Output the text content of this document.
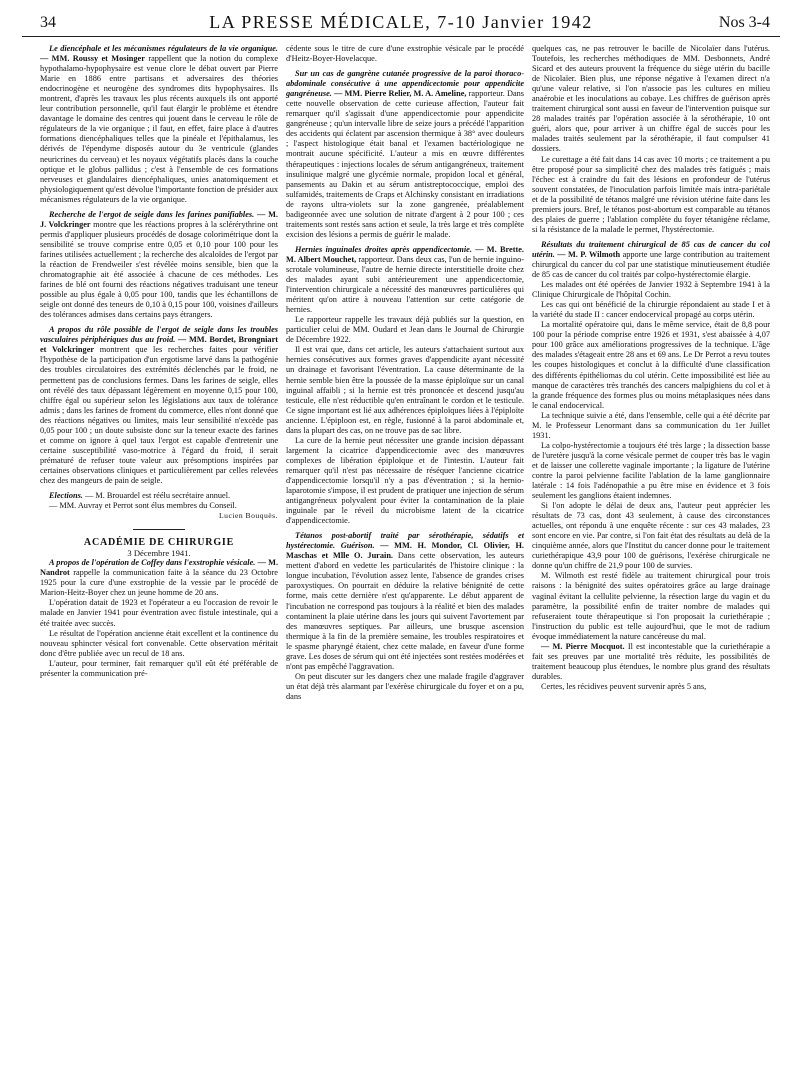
34	LA PRESSE MÉDICALE, 7-10 Janvier 1942	Nos 3-4

Le diencéphale et les mécanismes régulateurs de la vie organique. — MM. Roussy et Mosinger rappellent que la notion du complexe hypothalamo-hypophysaire est venue clore le débat ouvert par Pierre Marie en 1886 entre partisans et adversaires des théories endocrinogène et neurogène des syndromes dits hypophysaires. Ils montrent, d'après les travaux les plus récents auxquels ils ont apporté leur contribution personnelle, qu'il faut élargir le problème et étendre davantage le domaine des centres qui jouent dans le cerveau le rôle de régulateurs de la vie organique ; il faut, en effet, faire place à d'autres formations diencéphaliques telles que la pinéale et l'épithalamus, les dérivés de l'épendyme disposés autour du 3e ventricule (glandes neuricrines du cerveau) et les noyaux végétatifs placés dans la couche optique et le globus pallidus ; c'est à l'ensemble de ces formations nerveuses et glandulaires diencéphaliques, unies anatomiquement et physiologiquement qu'est dévolue l'importante fonction de présider aux mécanismes régulateurs de la vie organique.

Recherche de l'ergot de seigle dans les farines panifiables. — M. J. Volckringer montre que les réactions propres à la sclérérythrine ont permis d'appliquer plusieurs procédés de dosage colorimétrique dont la sensibilité se trouve comprise entre 0,05 et 0,10 pour 100 pour les farines utilisées actuellement ; la recherche des alcaloïdes de l'ergot par la réaction de Frendweiler s'est révélée moins sensible, bien que la chromatographie ait été associée à chacune de ces méthodes. Les farines de blé ont fourni des réactions négatives traduisant une teneur possible au plus égale à 0,05 pour 100, tandis que les échantillons de seigle ont donné des teneurs de 0,10 à 0,15 pour 100, voisines d'ailleurs des tolérances admises dans certains pays étrangers.

A propos du rôle possible de l'ergot de seigle dans les troubles vasculaires périphériques dus au froid. — MM. Bordet, Brongniart et Volckringer montrent que les recherches faites pour vérifier l'hypothèse de la participation d'un ergotisme larvé dans la pathogénie des troubles circulatoires des extrémités déclenchés par le froid, ne permettent pas de conclusions fermes. Dans les farines de seigle, elles ont révélé des taux dépassant légèrement en moyenne 0,15 pour 100, chiffre égal ou supérieur selon les législations aux taux de tolérance admis ; dans les farines de froment du commerce, elles n'ont donné que des réactions négatives ou limites, mais leur sensibilité n'excède pas 0,05 pour 100 ; un doute subsiste donc sur la teneur exacte des farines et comme on ignore à quel taux l'ergot est capable d'entretenir une certaine susceptibilité vaso-motrice à l'égard du froid, il serait prématuré de refuser toute valeur aux présomptions inspirées par certaines observations cliniques et particulièrement par celles relevées chez des mangeurs de pain de seigle.

Elections. — M. Brouardel est réélu secrétaire annuel.

— MM. Auvray et Perrot sont élus membres du Conseil.

Lucien Bouquès.

ACADÉMIE DE CHIRURGIE

3 Décembre 1941.

A propos de l'opération de Coffey dans l'exstrophie vésicale. — M. Nandrot rappelle la communication faite à la séance du 23 Octobre 1925 pour la cure d'une exstrophie de la vessie par le procédé de Marion-Heitz-Boyer chez un jeune homme de 20 ans.

L'opération datait de 1923 et l'opérateur a eu l'occasion de revoir le malade en Janvier 1941 pour éventration avec fistule intestinale, qui a été traitée avec succès.

Le résultat de l'opération ancienne était excellent et la continence du nouveau sphincter vésical fort convenable. Cette observation méritait donc d'être publiée avec un recul de 18 ans.

L'auteur, pour terminer, fait remarquer qu'il eût été préférable de présenter la communication pré-

cédente sous le titre de cure d'une exstrophie vésicale par le procédé d'Heitz-Boyer-Hovelacque.

Sur un cas de gangrène cutanée progressive de la paroi thoraco-abdominale consécutive à une appendicectomie pour appendicite gangréneuse. — MM. Pierre Relier, M. A. Ameline, rapporteur. Dans cette nouvelle observation de cette curieuse affection, l'auteur fait remarquer qu'il s'agissait d'une appendicectomie pour appendicite gangréneuse ; qu'un intervalle libre de seize jours a précédé l'apparition des accidents qui éclatent par ascension thermique à 38° avec douleurs ; l'aspect histologique était banal et l'examen bactériologique ne montrait aucune spécificité. L'auteur a mis en œuvre différentes thérapeutiques : injections locales de sérum antigangréneux, traitement insulinique malgré une glycémie normale, propidon local et général, pansements au Dakin et au sérum antistreptococcique, emploi des sulfamidés, traitements de Craps et Alchinsky consistant en irradiations de rayons ultra-violets sur la zone gangrenée, préalablement badigeonnée avec une solution de nitrate d'argent à 2 pour 100 ; ces traitements sont restés sans action et seule, la très large et très complète excision des lésions a permis de guérir le malade.

Hernies inguinales droites après appendicectomie. — M. Brette. M. Albert Mouchet, rapporteur. Dans deux cas, l'un de hernie inguino-scrotale volumineuse, l'autre de hernie directe interstitielle droite chez des malades ayant subi antérieurement une appendicectomie, l'intervention chirurgicale a nécessité des manœuvres particulières qui méritent qu'on attire à nouveau l'attention sur cette catégorie de hernies.

Le rapporteur rappelle les travaux déjà publiés sur la question, en particulier celui de MM. Oudard et Jean dans le Journal de Chirurgie de Décembre 1922.

Il est vrai que, dans cet article, les auteurs s'attachaient surtout aux hernies consécutives aux formes graves d'appendicite ayant nécessité un drainage et favorisant l'éventration. La cause déterminante de la hernie semble bien être la poussée de la masse épiploïque sur un canal inguinal affaibli ; si la hernie est très prononcée et descend jusqu'au testicule, elle n'est réductible qu'en entraînant le cordon et le testicule. Ce signe important est lié aux adhérences épiploïques liées à l'épiploïte ancienne. L'épiploon est, en règle, fusionné à la paroi abdominale et, dans la plupart des cas, on ne trouve pas de sac libre.

La cure de la hernie peut nécessiter une grande incision dépassant largement la cicatrice d'appendicectomie avec des manœuvres complexes de libération épiploïque et de l'intestin. L'auteur fait remarquer qu'il n'est pas nécessaire de réséquer l'ancienne cicatrice d'appendicectomie lorsqu'il n'y a pas d'éventration ; si la hernio-laparotomie s'impose, il est prudent de pratiquer une injection de sérum antigangréneux polyvalent pour éviter la contamination de la plaie inguinale par le réveil du microbisme latent de la cicatrice d'appendicectomie.

Tétanos post-abortif traité par sérothérapie, sédatifs et hystérectomie. Guérison. — MM. H. Mondor, Cl. Olivier, H. Maschas et Mlle O. Jurain. Dans cette observation, les auteurs mettent d'abord en vedette les particularités de l'histoire clinique : la longue incubation, l'évolution assez lente, l'absence de grandes crises paroxystiques. On pourrait en déduire la relative bénignité de cette forme, mais cette dernière n'est qu'apparente. Le début apparent de l'incubation ne correspond pas toujours à la réalité et bien des malades contaminent la plaie utérine dans les jours qui suivent l'avortement par des manœuvres septiques. Par ailleurs, une brusque ascension thermique à la fin de la première semaine, les troubles respiratoires et le spasme pharyngé étaient, chez cette malade, en faveur d'une forme grave. Les doses de sérum qui ont été injectées sont restées modérées et n'ont pas empêché l'aggravation.

On peut discuter sur les dangers chez une malade fragile d'aggraver un état déjà très alarmant par l'exérèse chirurgicale du foyer et on a pu, dans

quelques cas, ne pas retrouver le bacille de Nicolaïer dans l'utérus. Toutefois, les recherches méthodiques de MM. Desbonnets, André Sicard et des auteurs prouvent la fréquence du siège utérin du bacille de Nicolaïer. Bien plus, une réponse négative à l'examen direct n'a qu'une valeur relative, si l'on n'associe pas les cultures en milieu anaérobie et les inoculations au cobaye. Les chiffres de guérison après traitement chirurgical sont aussi en faveur de l'intervention puisque sur 28 malades traités par l'opération associée à la sérothérapie, 10 ont guéri, alors que, pour arriver à un chiffre égal de succès pour les malades traités seulement par la sérothérapie, il faut compulser 41 dossiers.

Le curettage a été fait dans 14 cas avec 10 morts ; ce traitement a pu être proposé pour sa simplicité chez des malades très fatigués ; mais l'échec est à craindre du fait des lésions en profondeur de l'utérus souvent constatées, de l'inoculation parfois limitée mais intra-pariétale et de la possibilité de tétanos malgré une révision utérine faite dans les premiers jours. Bref, le tétanos post-abortum est comparable au tétanos des plaies de guerre ; l'ablation complète du foyer tétanigène réclame, si la résistance de la malade le permet, l'hystérectomie.

Résultats du traitement chirurgical de 85 cas de cancer du col utérin. — M. P. Wilmoth apporte une large contribution au traitement chirurgical du cancer du col par une statistique minutieusement étudiée de 85 cas de cancer du col traités par colpo-hystérectomie élargie.

Les malades ont été opérées de Janvier 1932 à Septembre 1941 à la Clinique Chirurgicale de l'hôpital Cochin.

Les cas qui ont bénéficié de la chirurgie répondaient au stade I et à la variété du stade II : cancer endocervical propagé au corps utérin.

La mortalité opératoire qui, dans le même service, était de 8,8 pour 100 pour la période comprise entre 1926 et 1931, s'est abaissée à 4,07 pour 100 grâce aux améliorations progressives de la technique. L'âge des malades s'étageait entre 28 ans et 69 ans. Le Dr Perrot a revu toutes les coupes histologiques et conclut à la difficulté d'une classification des différents épithéliomas du col utérin. Cette impossibilité est liée au manque de caractères très tranchés des cancers malpighiens du col et à la grande fréquence des formes plus ou moins métaplasiques nées dans le canal endocervical.

La technique suivie a été, dans l'ensemble, celle qui a été décrite par M. le Professeur Lenormant dans sa communication du 1er Juillet 1931.

La colpo-hystérectomie a toujours été très large ; la dissection basse de l'uretère jusqu'à la corne vésicale permet de couper très bas le vagin et de laisser une collerette vaginale importante ; la ligature de l'utérine contre la paroi pelvienne facilite l'ablation de la lame ganglionnaire latérale : 14 fois l'adénopathie a pu être mise en évidence et 3 fois seulement les ganglions étaient indemnes.

Si l'on adopte le délai de deux ans, l'auteur peut apprécier les résultats de 73 cas, dont 43 seulement, à cause des circonstances actuelles, ont répondu à une enquête récente : sur ces 43 malades, 23 sont encore en vie. Par contre, si l'on fait état des résultats au delà de la cinquième année, alors que l'Institut du cancer donne pour le traitement curiethérapique 43,9 pour 100 de guérisons, l'exérèse chirurgicale ne donne qu'un chiffre de 21,9 pour 100 de survies.

M. Wilmoth est resté fidèle au traitement chirurgical pour trois raisons : la bénignité des suites opératoires grâce au large drainage vaginal évitant la cellulite pelvienne, la résection large du vagin et du paramètre, la possibilité enfin de traiter nombre de malades qui refuseraient toute thérapeutique si l'on proposait la curiethérapie ; l'instruction du public est telle aujourd'hui, que le mot de radium évoque immédiatement la nature cancéreuse du mal.

— M. Pierre Mocquot. Il est incontestable que la curiethérapie a fait ses preuves par une mortalité très réduite, les possibilités de traitement beaucoup plus étendues, le nombre plus grand des résultats durables.

Certes, les récidives peuvent survenir après 5 ans,
